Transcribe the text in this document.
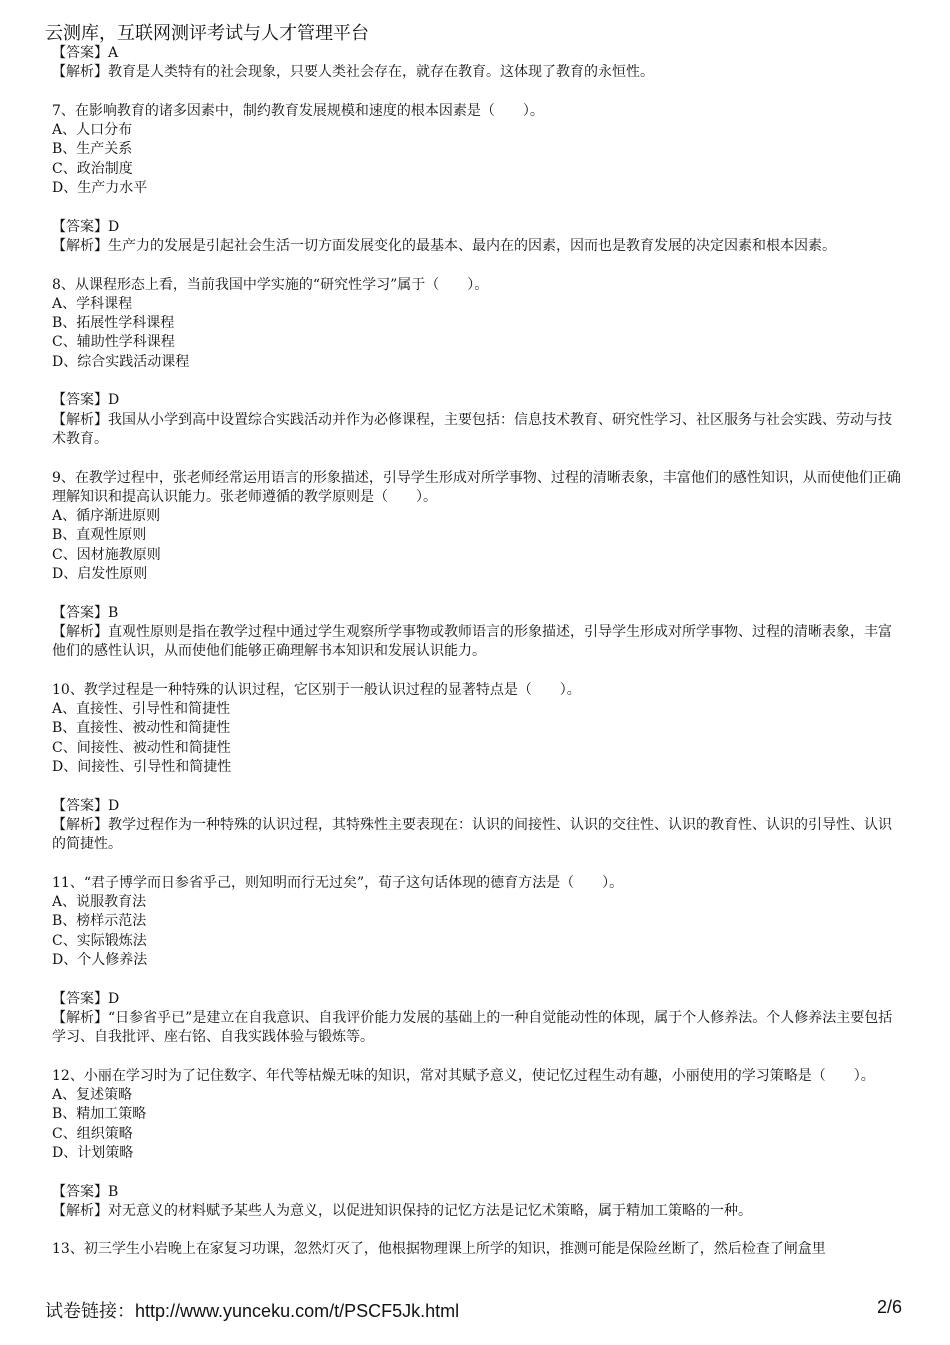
云测库，互联网测评考试与人才管理平台
【答案】A
【解析】教育是人类特有的社会现象，只要人类社会存在，就存在教育。这体现了教育的永恒性。
7、在影响教育的诸多因素中，制约教育发展规模和速度的根本因素是（　　）。
A、人口分布
B、生产关系
C、政治制度
D、生产力水平
【答案】D
【解析】生产力的发展是引起社会生活一切方面发展变化的最基本、最内在的因素，因而也是教育发展的决定因素和根本因素。
8、从课程形态上看，当前我国中学实施的“研究性学习”属于（　　）。
A、学科课程
B、拓展性学科课程
C、辅助性学科课程
D、综合实践活动课程
【答案】D
【解析】我国从小学到高中设置综合实践活动并作为必修课程，主要包括：信息技术教育、研究性学习、社区服务与社会实践、劳动与技术教育。
9、在教学过程中，张老师经常运用语言的形象描述，引导学生形成对所学事物、过程的清晰表象，丰富他们的感性知识，从而使他们正确理解知识和提高认识能力。张老师遵循的教学原则是（　　）。
A、循序渐进原则
B、直观性原则
C、因材施教原则
D、启发性原则
【答案】B
【解析】直观性原则是指在教学过程中通过学生观察所学事物或教师语言的形象描述，引导学生形成对所学事物、过程的清晰表象，丰富他们的感性认识，从而使他们能够正确理解书本知识和发展认识能力。
10、教学过程是一种特殊的认识过程，它区别于一般认识过程的显著特点是（　　）。
A、直接性、引导性和简捷性
B、直接性、被动性和简捷性
C、间接性、被动性和简捷性
D、间接性、引导性和简捷性
【答案】D
【解析】教学过程作为一种特殊的认识过程，其特殊性主要表现在：认识的间接性、认识的交往性、认识的教育性、认识的引导性、认识的简捷性。
11、“君子博学而日参省乎己，则知明而行无过矣”，荀子这句话体现的德育方法是（　　）。
A、说服教育法
B、榜样示范法
C、实际锻炼法
D、个人修养法
【答案】D
【解析】“日参省乎已”是建立在自我意识、自我评价能力发展的基础上的一种自觉能动性的体现，属于个人修养法。个人修养法主要包括学习、自我批评、座右铭、自我实践体验与锻炼等。
12、小丽在学习时为了记住数字、年代等枯燥无味的知识，常对其赋予意义，使记忆过程生动有趣，小丽使用的学习策略是（　　）。
A、复述策略
B、精加工策略
C、组织策略
D、计划策略
【答案】B
【解析】对无意义的材料赋予某些人为意义，以促进知识保持的记忆方法是记忆术策略，属于精加工策略的一种。
13、初三学生小岩晚上在家复习功课，忽然灯灭了，他根据物理课上所学的知识，推测可能是保险丝断了，然后检查了闸盒里
试卷链接：http://www.yunceku.com/t/PSCF5Jk.html	2/6
